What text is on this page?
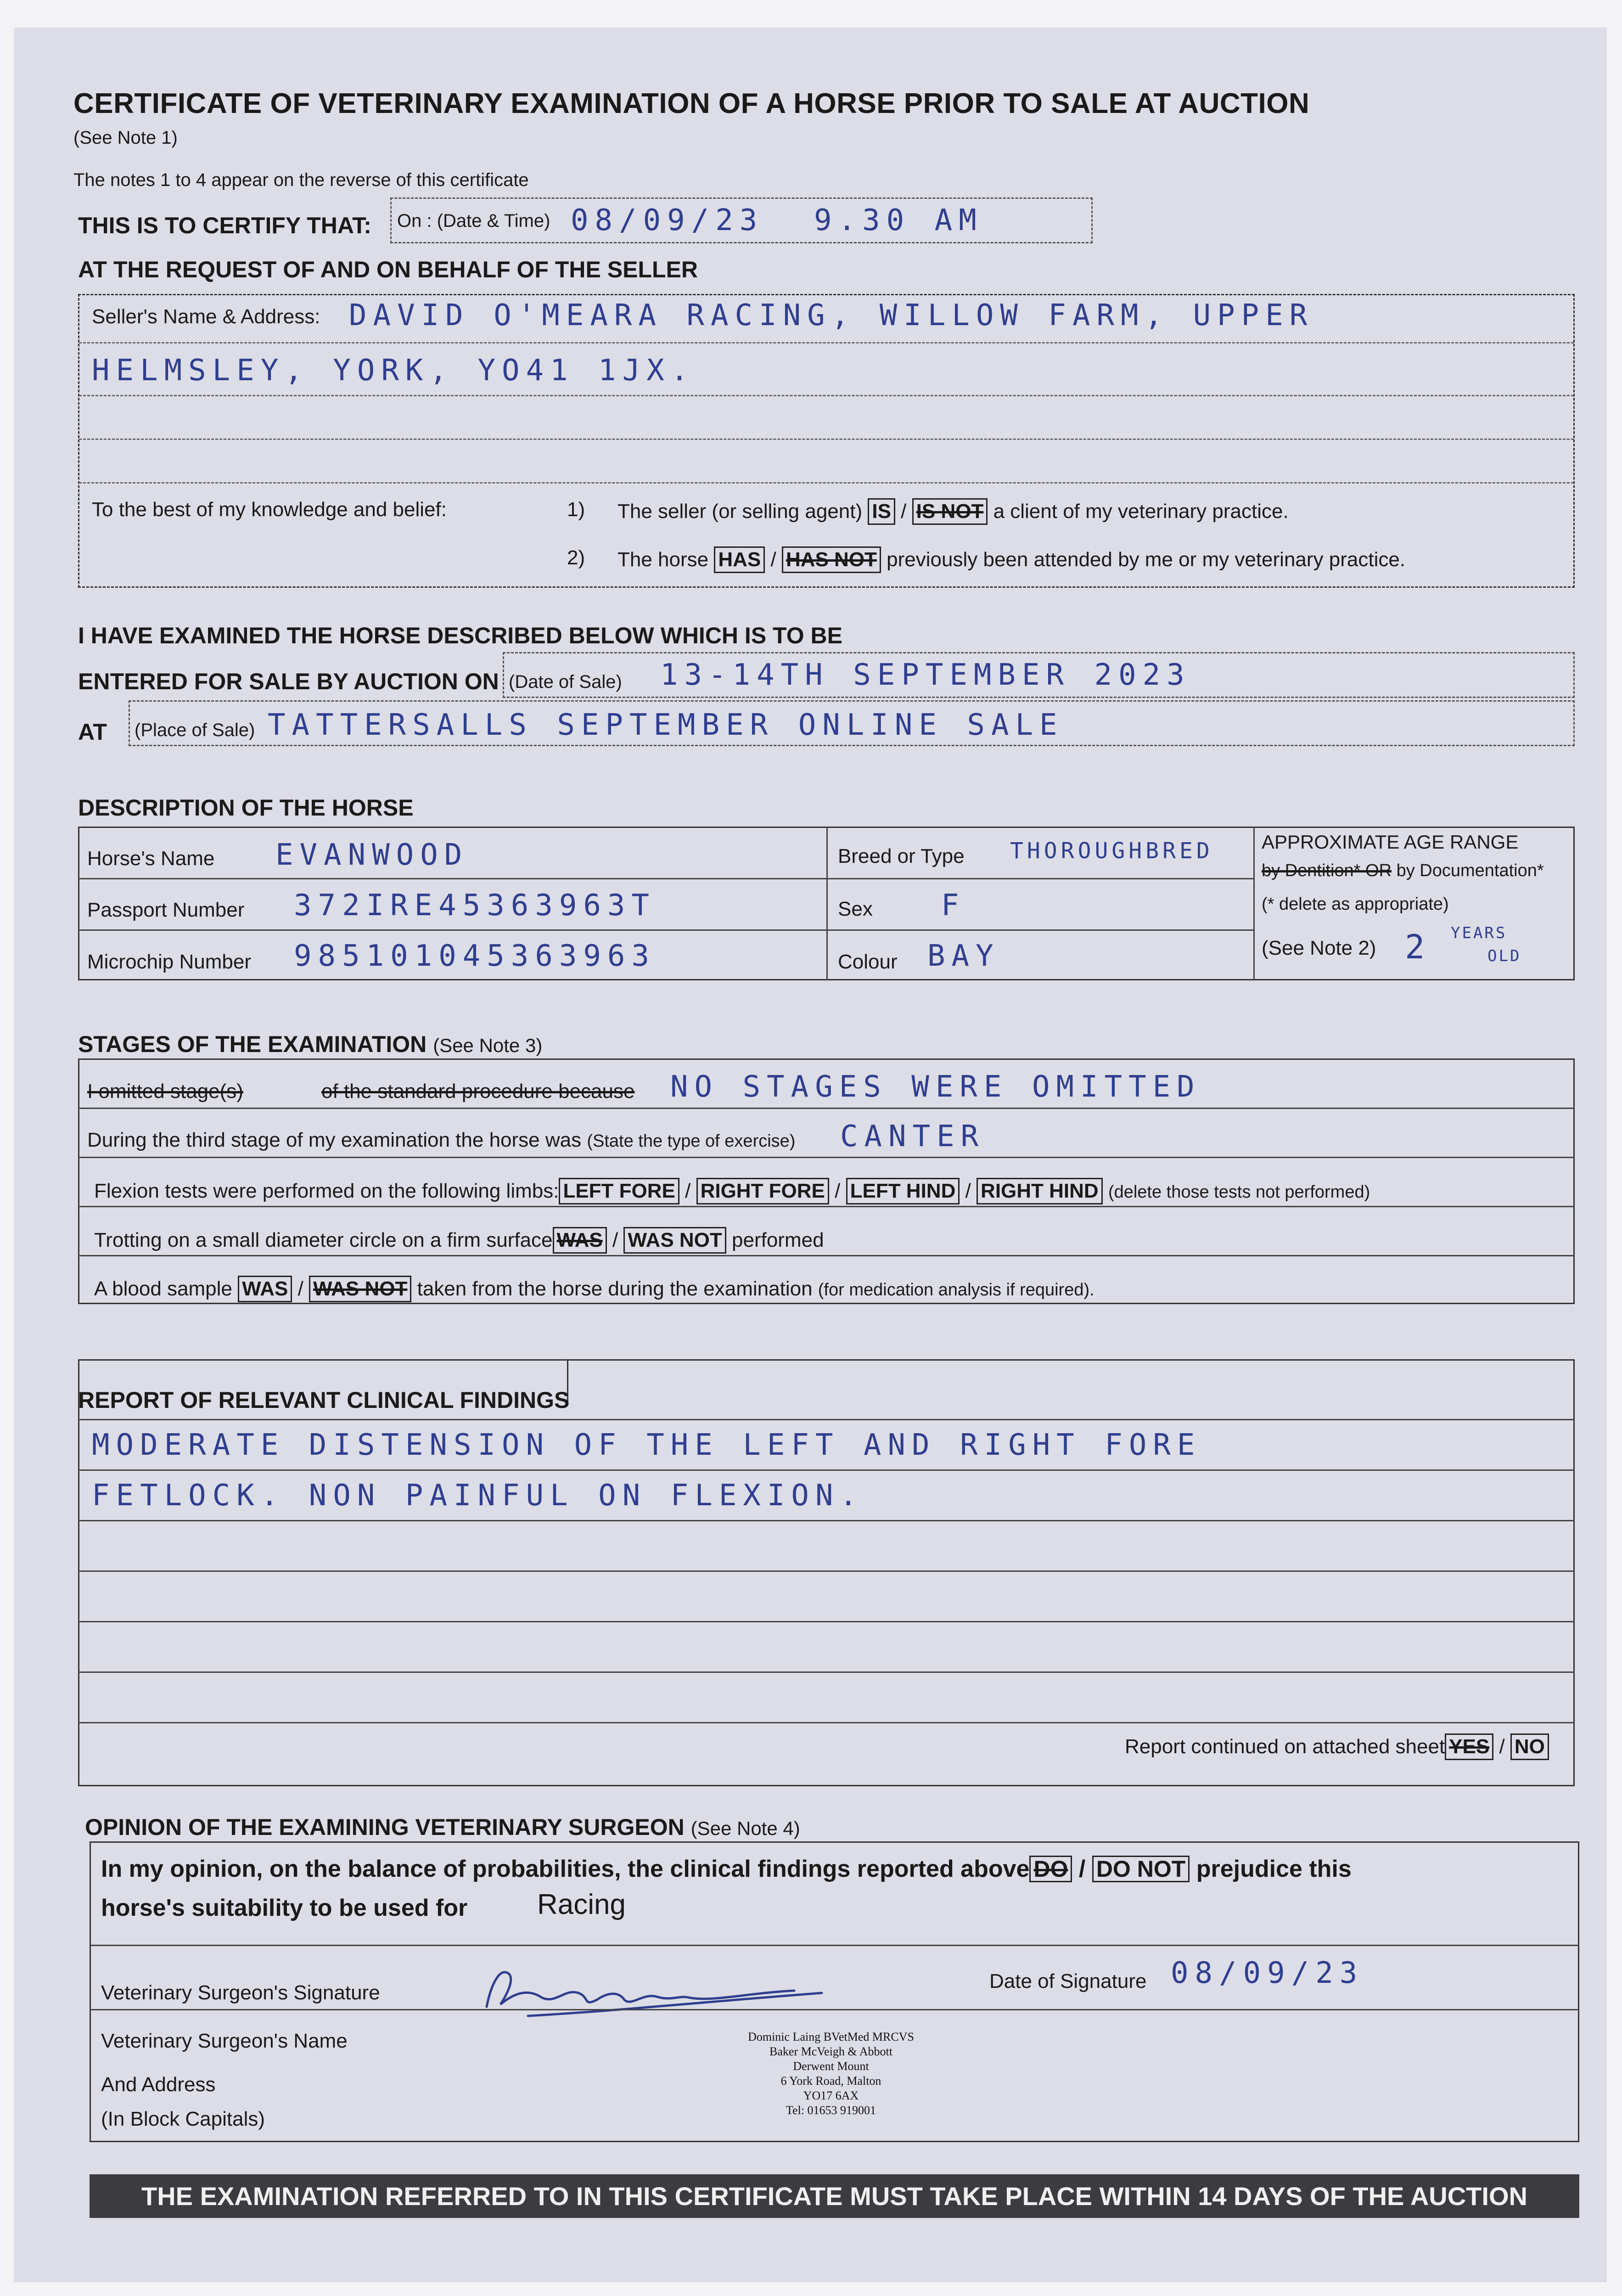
CERTIFICATE OF VETERINARY EXAMINATION OF A HORSE PRIOR TO SALE AT AUCTION
(See Note 1)
The notes 1 to 4 appear on the reverse of this certificate
THIS IS TO CERTIFY THAT: On : (Date & Time) 08/09/23 9.30 AM
AT THE REQUEST OF AND ON BEHALF OF THE SELLER
Seller's Name & Address: DAVID O'MEARA RACING, WILLOW FARM, UPPER
HELMSLEY, YORK, YO41 1JX.
To the best of my knowledge and belief:	1) The seller (or selling agent) IS / IS NOT a client of my veterinary practice.
2) The horse HAS / HAS NOT previously been attended by me or my veterinary practice.
I HAVE EXAMINED THE HORSE DESCRIBED BELOW WHICH IS TO BE
ENTERED FOR SALE BY AUCTION ON (Date of Sale) 13-14TH SEPTEMBER 2023
AT (Place of Sale) TATTERSALLS SEPTEMBER ONLINE SALE
DESCRIPTION OF THE HORSE
Horse's Name EVANWOOD
Passport Number 372IRE45363963T
Microchip Number 985101045363963
Breed or Type THOROUGHBRED
Sex F
Colour BAY
APPROXIMATE AGE RANGE
by Dentition* OR by Documentation*
(* delete as appropriate)
(See Note 2) 2 YEARS
OLD
STAGES OF THE EXAMINATION (See Note 3)
I omitted stage(s)	of the standard procedure because NO STAGES WERE OMITTED
During the third stage of my examination the horse was (State the type of exercise) CANTER
Flexion tests were performed on the following limbs: LEFT FORE / RIGHT FORE / LEFT HIND / RIGHT HIND (delete those tests not performed)
Trotting on a small diameter circle on a firm surface WAS / WAS NOT performed
A blood sample WAS / WAS NOT taken from the horse during the examination (for medication analysis if required).
REPORT OF RELEVANT CLINICAL FINDINGS
MODERATE DISTENSION OF THE LEFT AND RIGHT FORE
FETLOCK. NON PAINFUL ON FLEXION.
Report continued on attached sheet YES / NO
OPINION OF THE EXAMINING VETERINARY SURGEON (See Note 4)
In my opinion, on the balance of probabilities, the clinical findings reported above DO / DO NOT prejudice this
horse's suitability to be used for Racing
Veterinary Surgeon's Signature
Date of Signature 08/09/23
Veterinary Surgeon's Name
And Address
(In Block Capitals)
Dominic Laing BVetMed MRCVS
Baker McVeigh & Abbott
Derwent Mount
6 York Road, Malton
YO17 6AX
Tel: 01653 919001
THE EXAMINATION REFERRED TO IN THIS CERTIFICATE MUST TAKE PLACE WITHIN 14 DAYS OF THE AUCTION
